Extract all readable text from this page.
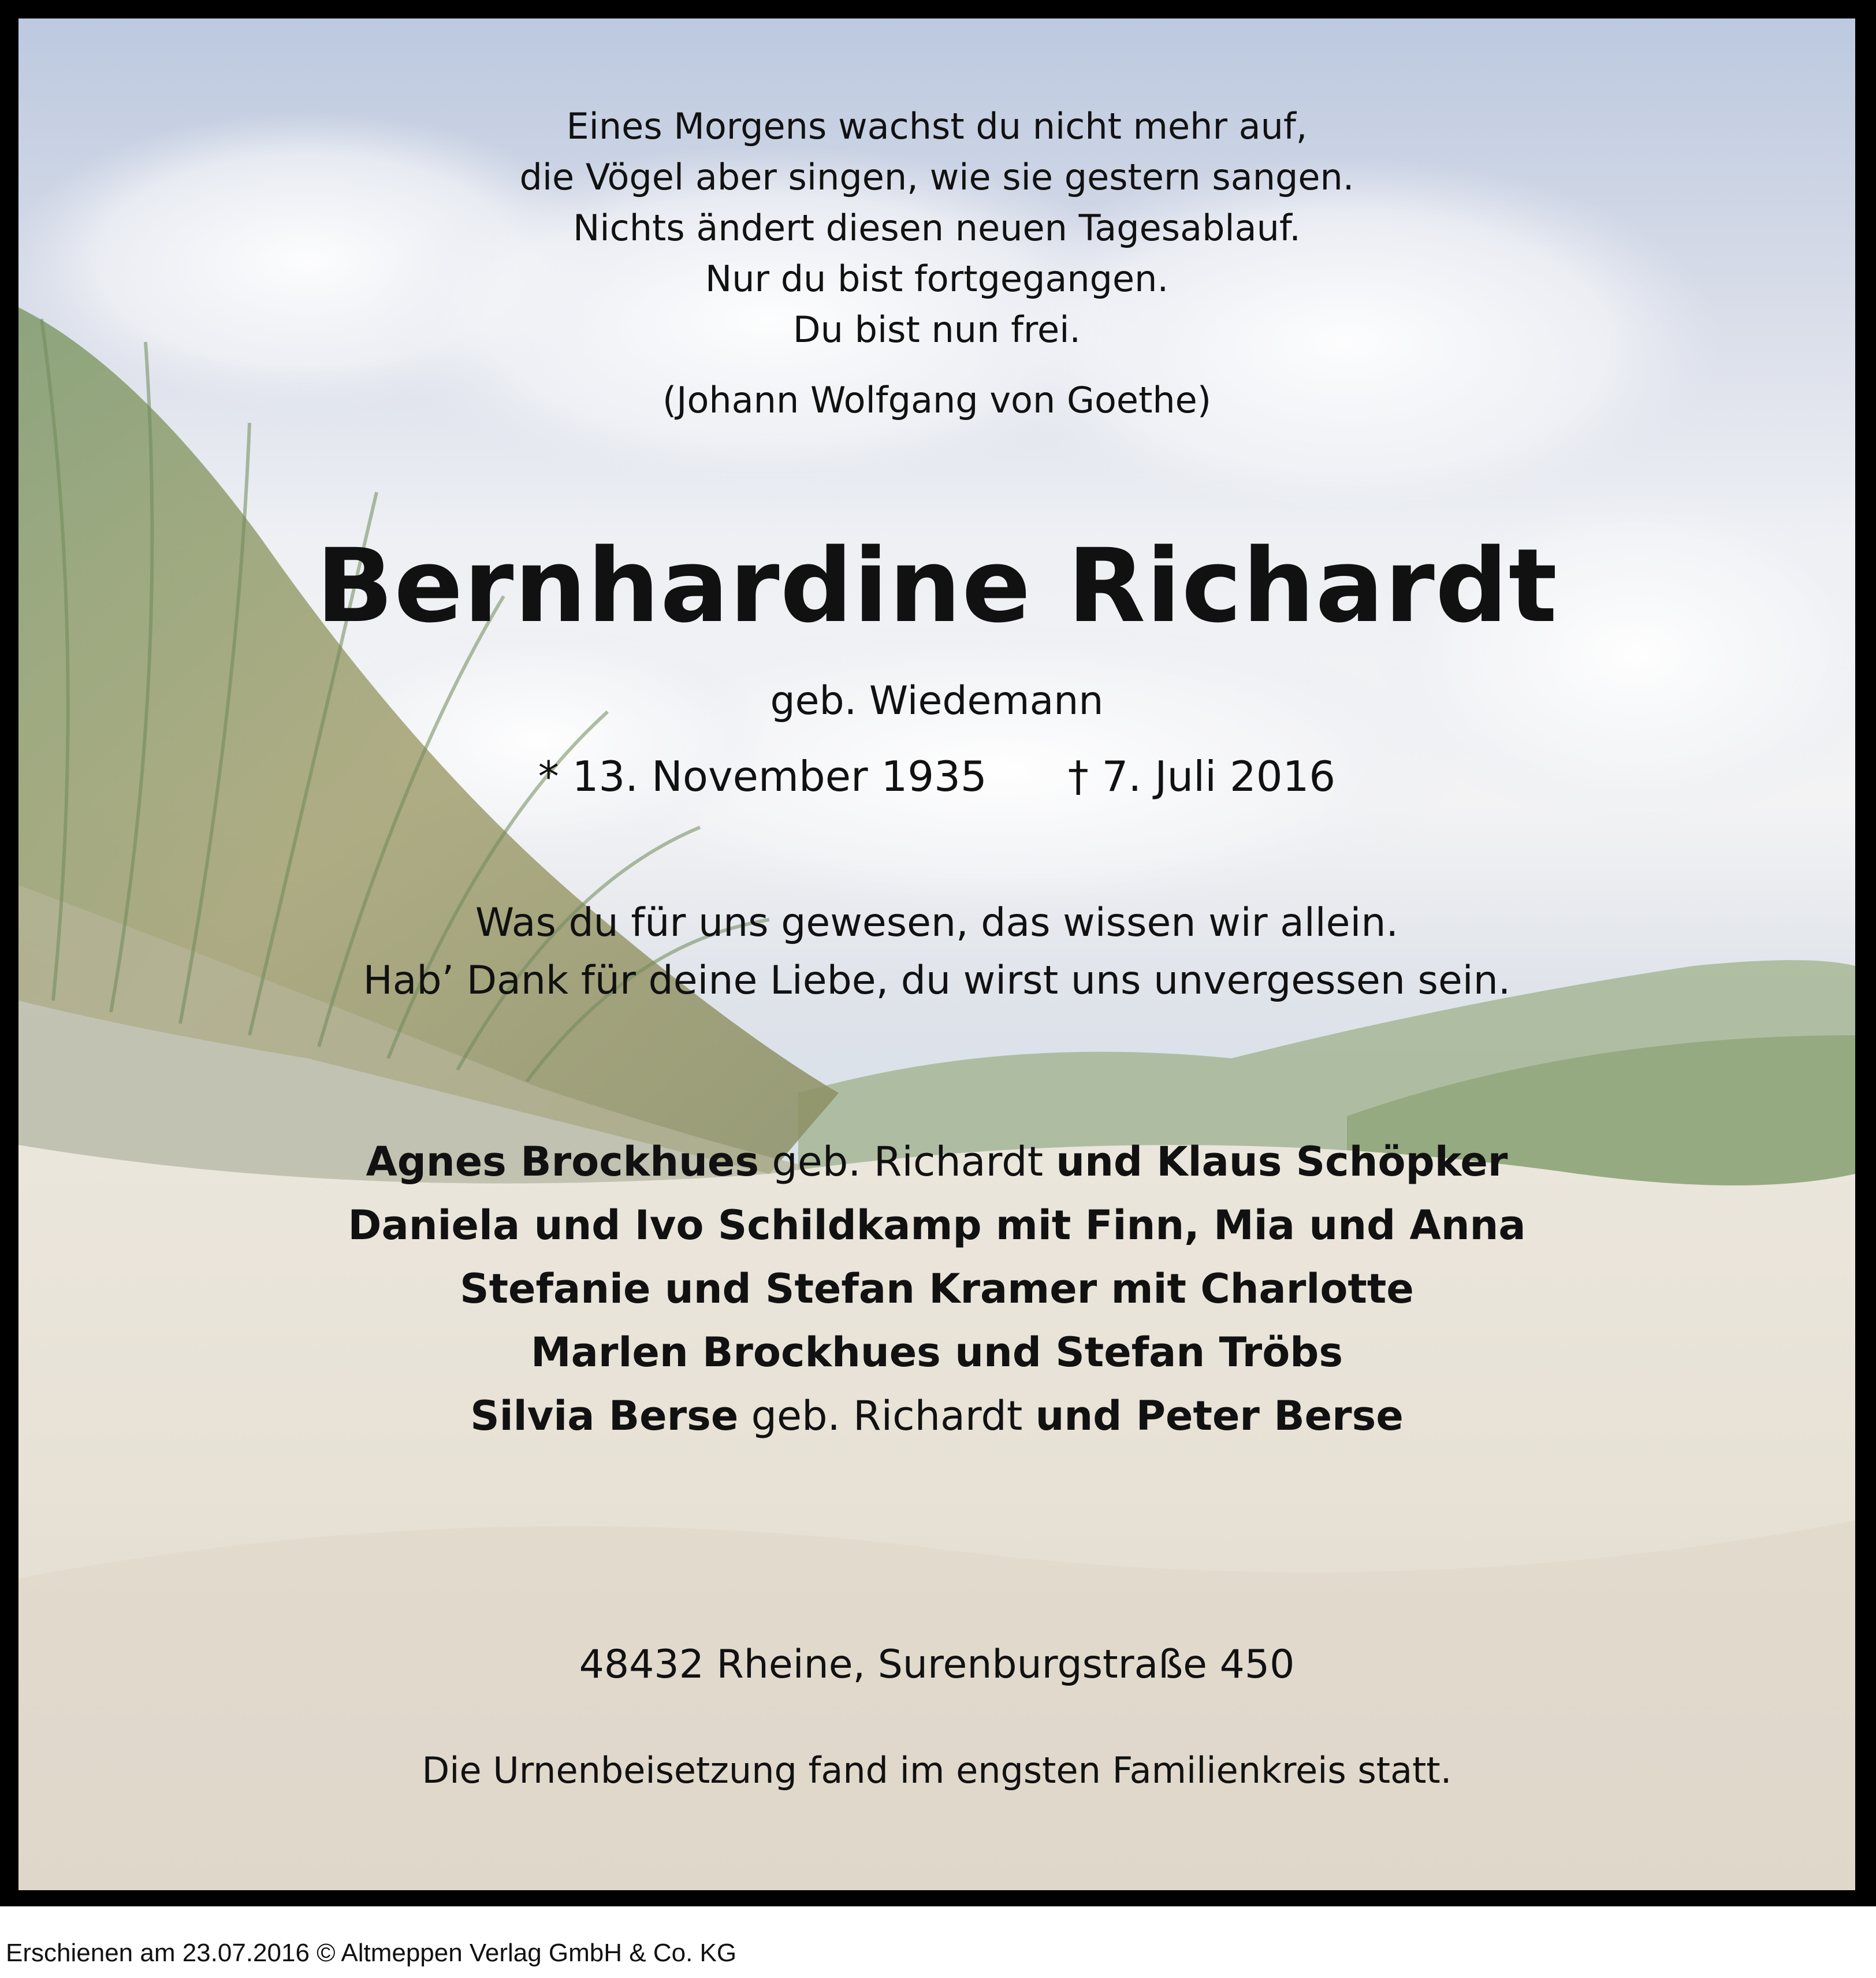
Eines Morgens wachst du nicht mehr auf,
die Vögel aber singen, wie sie gestern sangen.
Nichts ändert diesen neuen Tagesablauf.
Nur du bist fortgegangen.
Du bist nun frei.
(Johann Wolfgang von Goethe)
Bernhardine Richardt
geb. Wiedemann
* 13. November 1935 † 7. Juli 2016
Was du für uns gewesen, das wissen wir allein.
Hab’ Dank für deine Liebe, du wirst uns unvergessen sein.
Agnes Brockhues geb. Richardt und Klaus Schöpker
Daniela und Ivo Schildkamp mit Finn, Mia und Anna
Stefanie und Stefan Kramer mit Charlotte
Marlen Brockhues und Stefan Tröbs
Silvia Berse geb. Richardt und Peter Berse
48432 Rheine, Surenburgstraße 450
Die Urnenbeisetzung fand im engsten Familienkreis statt.
Erschienen am 23.07.2016 © Altmeppen Verlag GmbH & Co. KG
